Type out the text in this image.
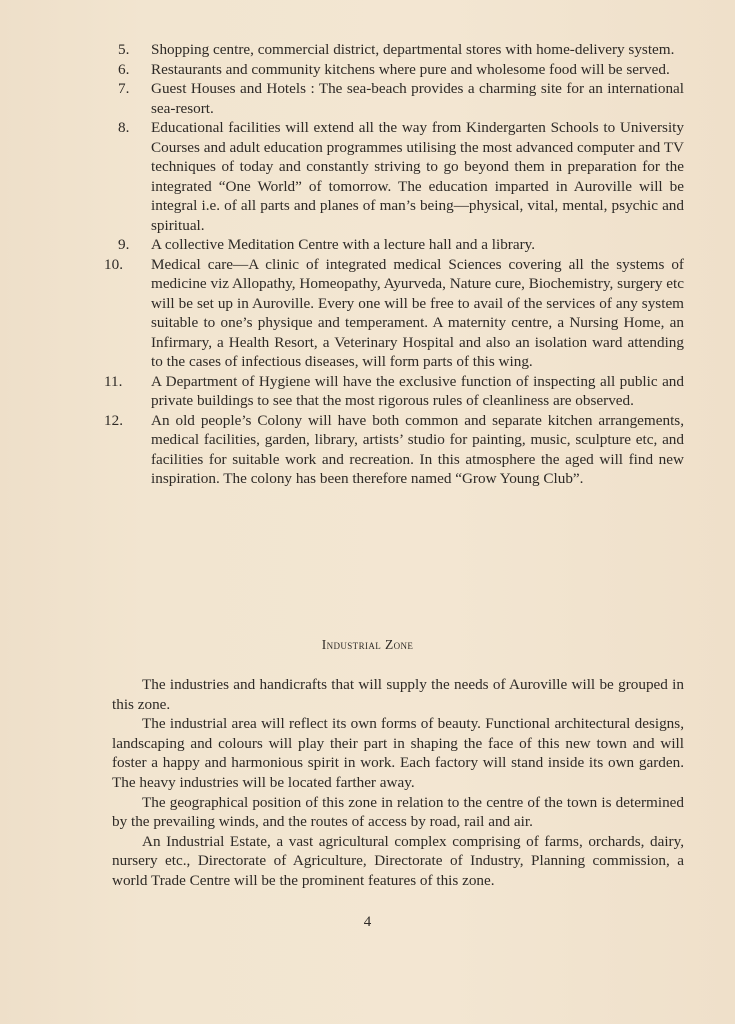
5.	Shopping centre, commercial district, departmental stores with home-delivery system.
6.	Restaurants and community kitchens where pure and wholesome food will be served.
7.	Guest Houses and Hotels : The sea-beach provides a charming site for an international sea-resort.
8.	Educational facilities will extend all the way from Kindergarten Schools to University Courses and adult education programmes utilising the most advanced computer and TV techniques of today and constantly striving to go beyond them in preparation for the integrated “One World” of tomorrow. The education imparted in Auroville will be integral i.e. of all parts and planes of man’s being—physical, vital, mental, psychic and spiritual.
9.	A collective Meditation Centre with a lecture hall and a library.
10.	Medical care—A clinic of integrated medical Sciences covering all the systems of medicine viz Allopathy, Homeopathy, Ayurveda, Nature cure, Biochemistry, surgery etc will be set up in Auroville. Every one will be free to avail of the services of any system suitable to one’s physique and temperament. A maternity centre, a Nursing Home, an Infirmary, a Health Resort, a Veterinary Hospital and also an isolation ward attending to the cases of infectious diseases, will form parts of this wing.
11.	A Department of Hygiene will have the exclusive function of inspecting all public and private buildings to see that the most rigorous rules of cleanliness are observed.
12.	An old people’s Colony will have both common and separate kitchen arrangements, medical facilities, garden, library, artists’ studio for painting, music, sculpture etc, and facilities for suitable work and recreation. In this atmosphere the aged will find new inspiration. The colony has been therefore named “Grow Young Club”.
Industrial Zone

The industries and handicrafts that will supply the needs of Auroville will be grouped in this zone.

The industrial area will reflect its own forms of beauty. Functional architectural designs, landscaping and colours will play their part in shaping the face of this new town and will foster a happy and harmonious spirit in work. Each factory will stand inside its own garden. The heavy industries will be located farther away.

The geographical position of this zone in relation to the centre of the town is determined by the prevailing winds, and the routes of access by road, rail and air.

An Industrial Estate, a vast agricultural complex comprising of farms, orchards, dairy, nursery etc., Directorate of Agriculture, Directorate of Industry, Planning commission, a world Trade Centre will be the prominent features of this zone.

4
